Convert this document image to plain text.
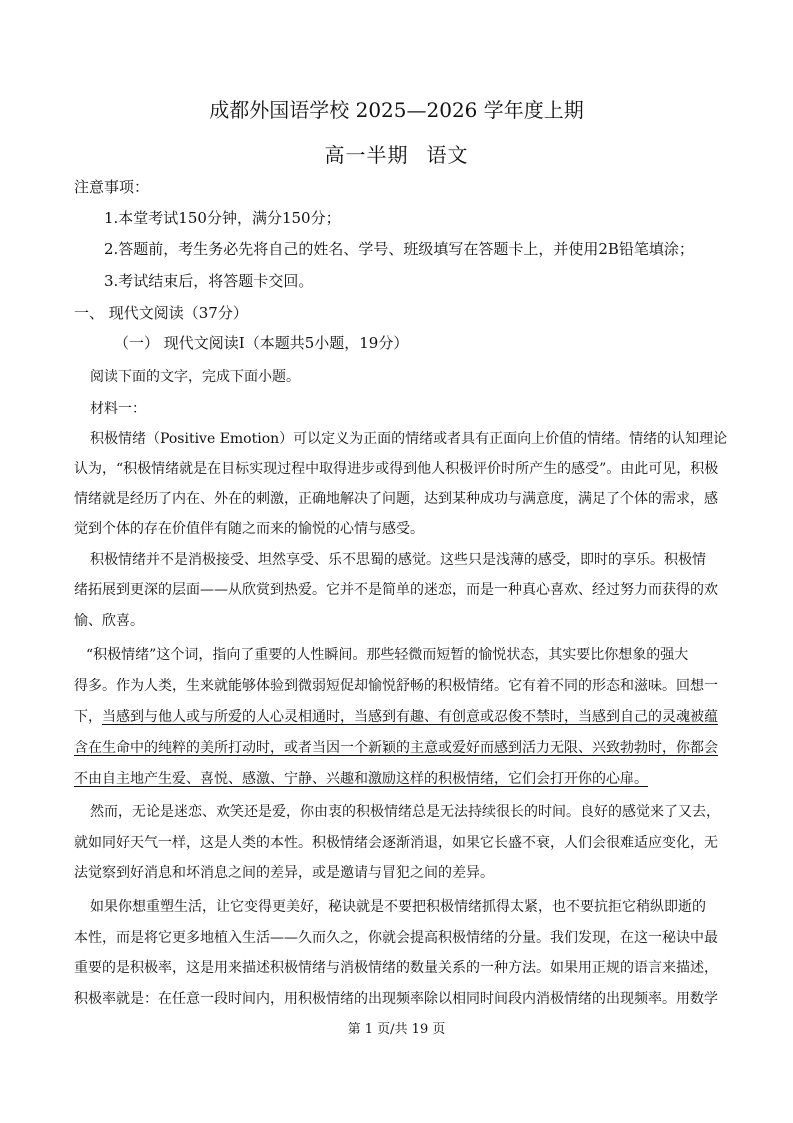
成都外国语学校 2025—2026 学年度上期
高一半期 语文
注意事项：
1.本堂考试150分钟，满分150分；
2.答题前，考生务必先将自己的姓名、学号、班级填写在答题卡上，并使用2B铅笔填涂；
3.考试结束后，将答题卡交回。
一、 现代文阅读（37分）
（一） 现代文阅读Ⅰ（本题共5小题，19分）
阅读下面的文字，完成下面小题。
材料一：
积极情绪（Positive Emotion）可以定义为正面的情绪或者具有正面向上价值的情绪。情绪的认知理论
认为，“积极情绪就是在目标实现过程中取得进步或得到他人积极评价时所产生的感受”。由此可见，积极
情绪就是经历了内在、外在的刺激，正确地解决了问题，达到某种成功与满意度，满足了个体的需求，感
觉到个体的存在价值伴有随之而来的愉悦的心情与感受。
积极情绪并不是消极接受、坦然享受、乐不思蜀的感觉。这些只是浅薄的感受，即时的享乐。积极情
绪拓展到更深的层面——从欣赏到热爱。它并不是简单的迷恋，而是一种真心喜欢、经过努力而获得的欢
愉、欣喜。
“积极情绪”这个词，指向了重要的人性瞬间。那些轻微而短暂的愉悦状态，其实要比你想象的强大
得多。作为人类，生来就能够体验到微弱短促却愉悦舒畅的积极情绪。它有着不同的形态和滋味。回想一
下，当感到与他人或与所爱的人心灵相通时，当感到有趣、有创意或忍俊不禁时，当感到自己的灵魂被蕴
含在生命中的纯粹的美所打动时，或者当因一个新颖的主意或爱好而感到活力无限、兴致勃勃时，你都会
不由自主地产生爱、喜悦、感激、宁静、兴趣和激励这样的积极情绪，它们会打开你的心扉。
然而，无论是迷恋、欢笑还是爱，你由衷的积极情绪总是无法持续很长的时间。良好的感觉来了又去，
就如同好天气一样，这是人类的本性。积极情绪会逐渐消退，如果它长盛不衰，人们会很难适应变化，无
法觉察到好消息和坏消息之间的差异，或是邀请与冒犯之间的差异。
如果你想重塑生活，让它变得更美好，秘诀就是不要把积极情绪抓得太紧，也不要抗拒它稍纵即逝的
本性，而是将它更多地植入生活——久而久之，你就会提高积极情绪的分量。我们发现，在这一秘诀中最
重要的是积极率，这是用来描述积极情绪与消极情绪的数量关系的一种方法。如果用正规的语言来描述，
积极率就是：在任意一段时间内，用积极情绪的出现频率除以相同时间段内消极情绪的出现频率。用数学
第 1 页/共 19 页
